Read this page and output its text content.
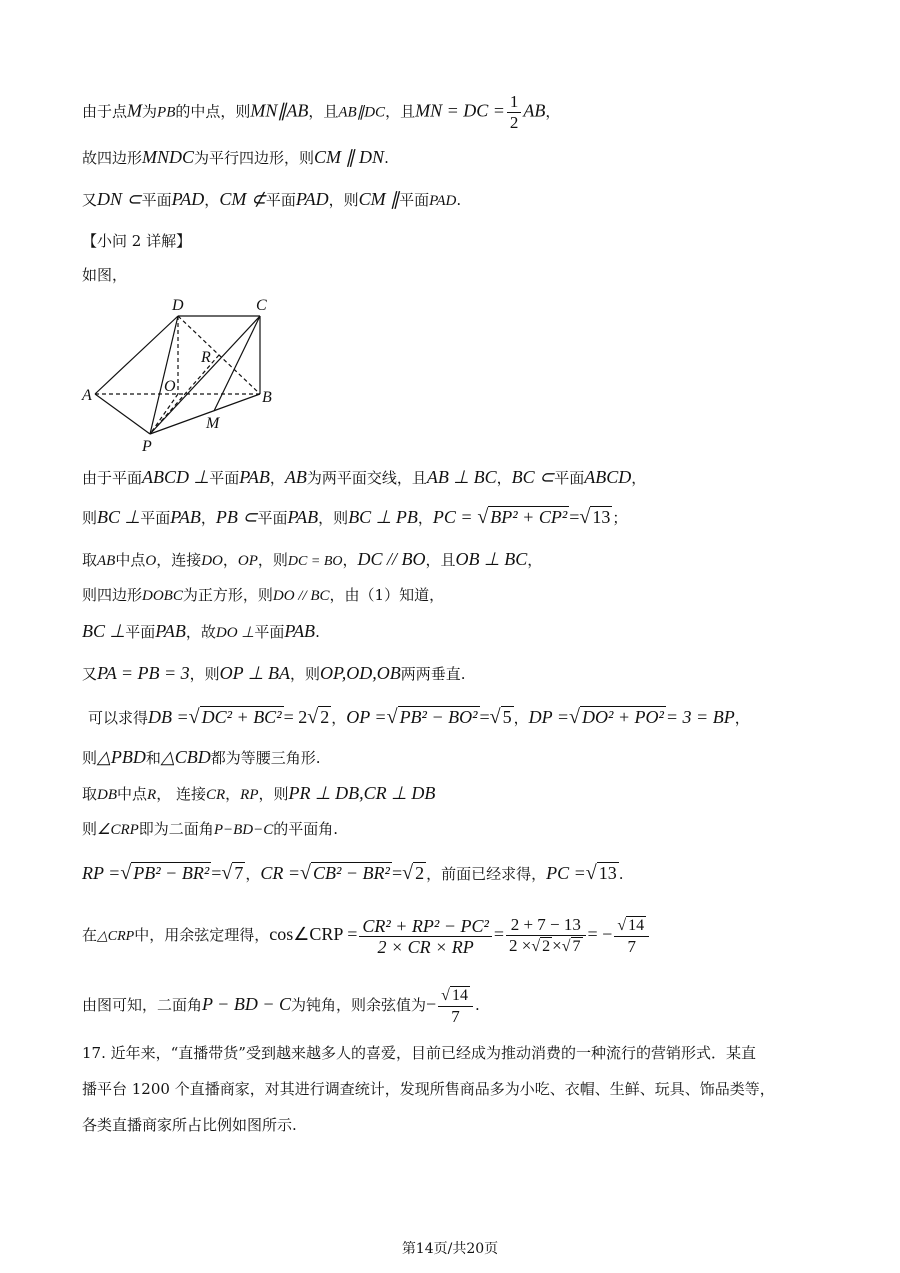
由于点M为PB的中点，则MN∥AB，且AB∥DC，且MN = DC = $\frac{1}{2}$ AB，
故四边形MNDC为平行四边形，则CM ∥ DN.
又DN ⊂平面PAD，CM ⊄平面PAD，则CM ∥平面PAD.
【小问 2 详解】
如图，
D	C
R
O
A	B
M
P
由于平面ABCD ⊥平面PAB，AB为两平面交线，且AB ⊥ BC，BC ⊂平面ABCD，
则BC ⊥平面PAB，PB ⊂平面PAB，则BC ⊥ PB，PC = √ BP² + CP² =√ 13 ；
取AB中点O，连接DO，OP，则DC = BO，DC // BO，且OB ⊥ BC，
则四边形DOBC为正方形，则DO // BC，由（1）知道，
BC ⊥平面PAB，故DO ⊥平面PAB.
又PA = PB = 3，则OP ⊥ BA，则OP,OD,OB两两垂直.
可以求得DB =√ DC² + BC² = 2√ 2 ，OP =√ PB² − BO² =√ 5 ，DP =√ DO² + PO² = 3 = BP，
则△PBD和△CBD都为等腰三角形.
取DB中点R， 连接CR，RP，则PR ⊥ DB,CR ⊥ DB
则∠CRP即为二面角P−BD−C的平面角.
RP =√ PB² − BR² =√ 7 ，CR =√ CB² − BR² =√ 2 ，前面已经求得，PC =√ 13 .
在△CRP中，用余弦定理得，cos∠CRP = $\frac{\text{CR² + RP² − PC²}}{2 \times CR \times RP} = \frac{2 + 7 - 13}{2 \times√ 2 \times√ 7}$ = − $\frac{√ 14}{7}$
由图可知，二面角P − BD − C为钝角，则余弦值为− $\frac{√ 14}{7}$ .
17. 近年来，“直播带货”受到越来越多人的喜爱，目前已经成为推动消费的一种流行的营销形式．某直
播平台 1200 个直播商家，对其进行调查统计，发现所售商品多为小吃、衣帽、生鲜、玩具、饰品类等，
各类直播商家所占比例如图所示.
第14页/共20页
